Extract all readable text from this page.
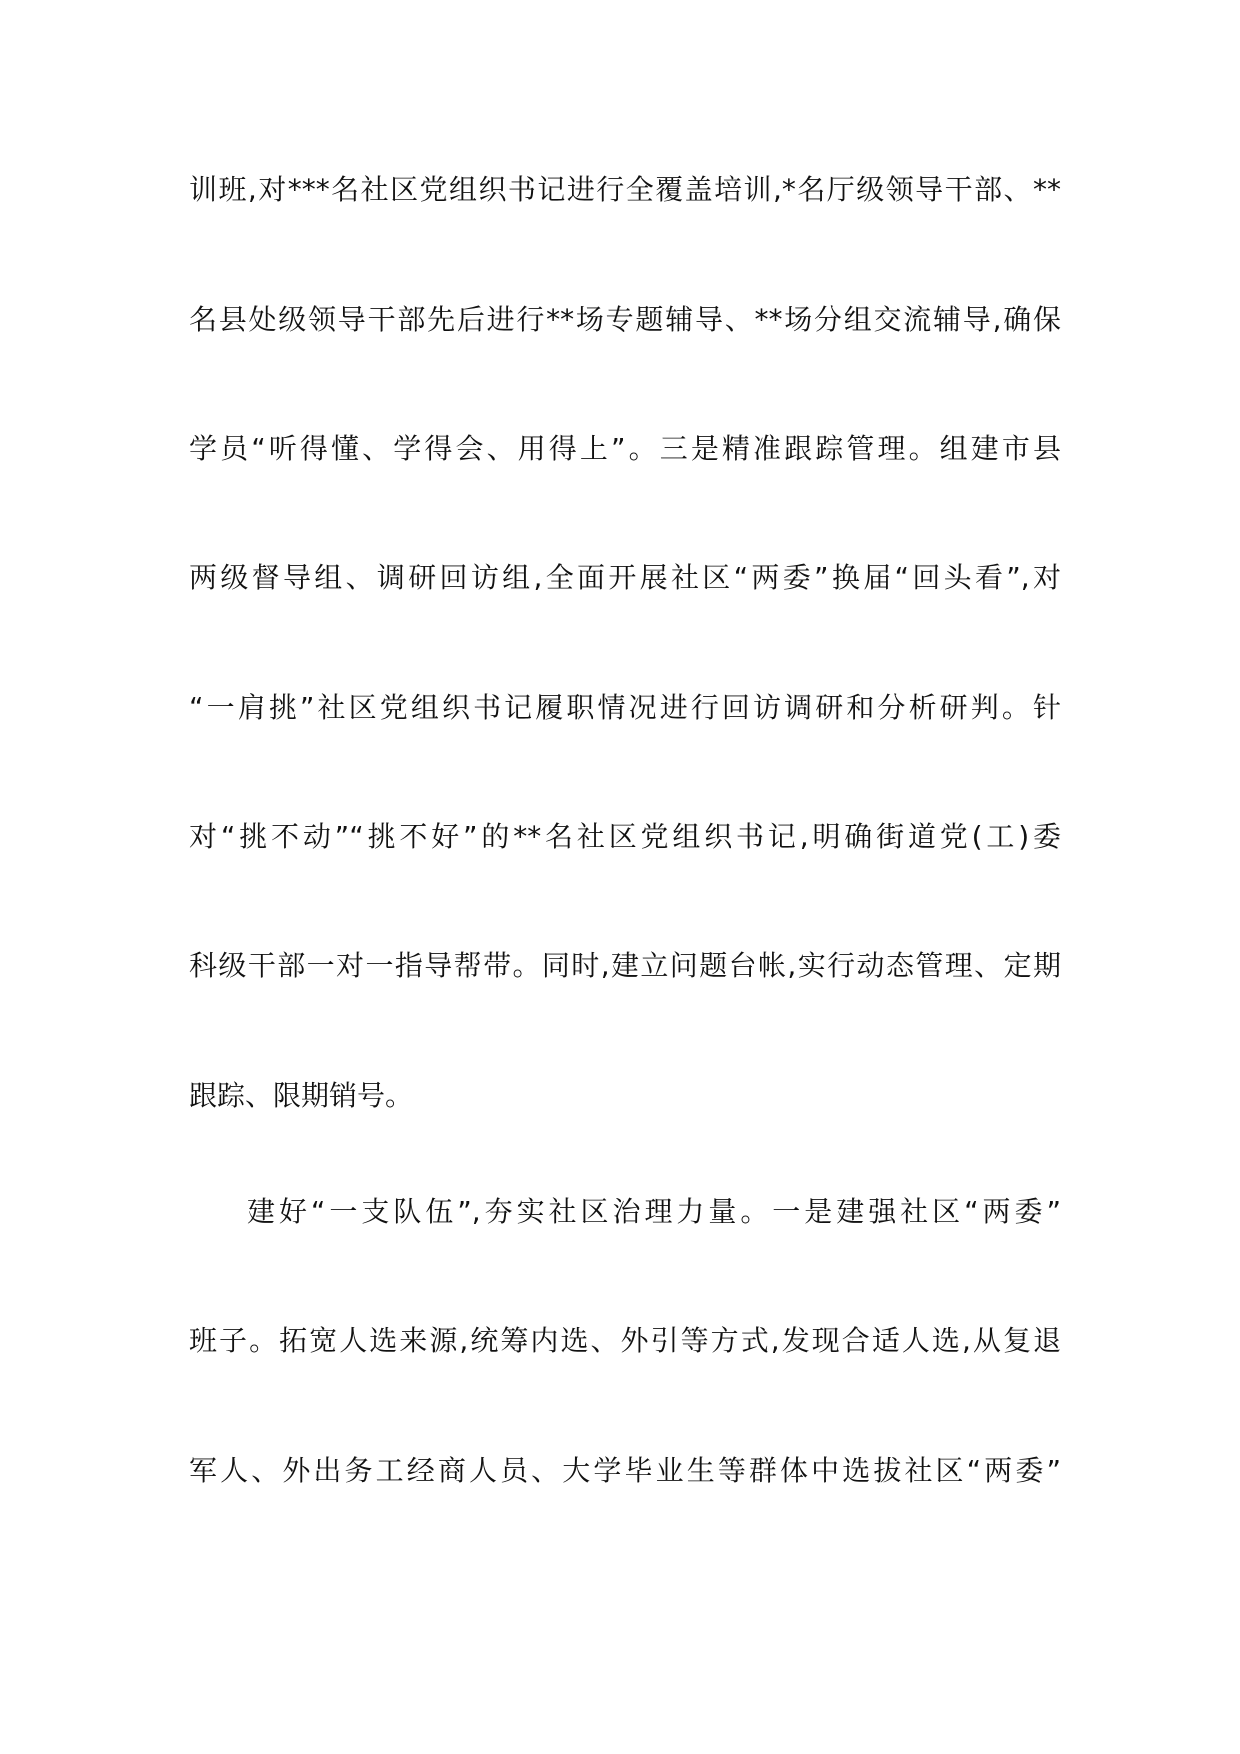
训班,对***名社区党组织书记进行全覆盖培训,*名厅级领导干部、**
名县处级领导干部先后进行**场专题辅导、**场分组交流辅导,确保
学员“听得懂、学得会、用得上”。三是精准跟踪管理。组建市县
两级督导组、调研回访组,全面开展社区“两委”换届“回头看”,对
“一肩挑”社区党组织书记履职情况进行回访调研和分析研判。针
对“挑不动”“挑不好”的**名社区党组织书记,明确街道党(工)委
科级干部一对一指导帮带。同时,建立问题台帐,实行动态管理、定期
跟踪、限期销号。
建好“一支队伍”,夯实社区治理力量。一是建强社区“两委”
班子。拓宽人选来源,统筹内选、外引等方式,发现合适人选,从复退
军人、外出务工经商人员、大学毕业生等群体中选拔社区“两委”
